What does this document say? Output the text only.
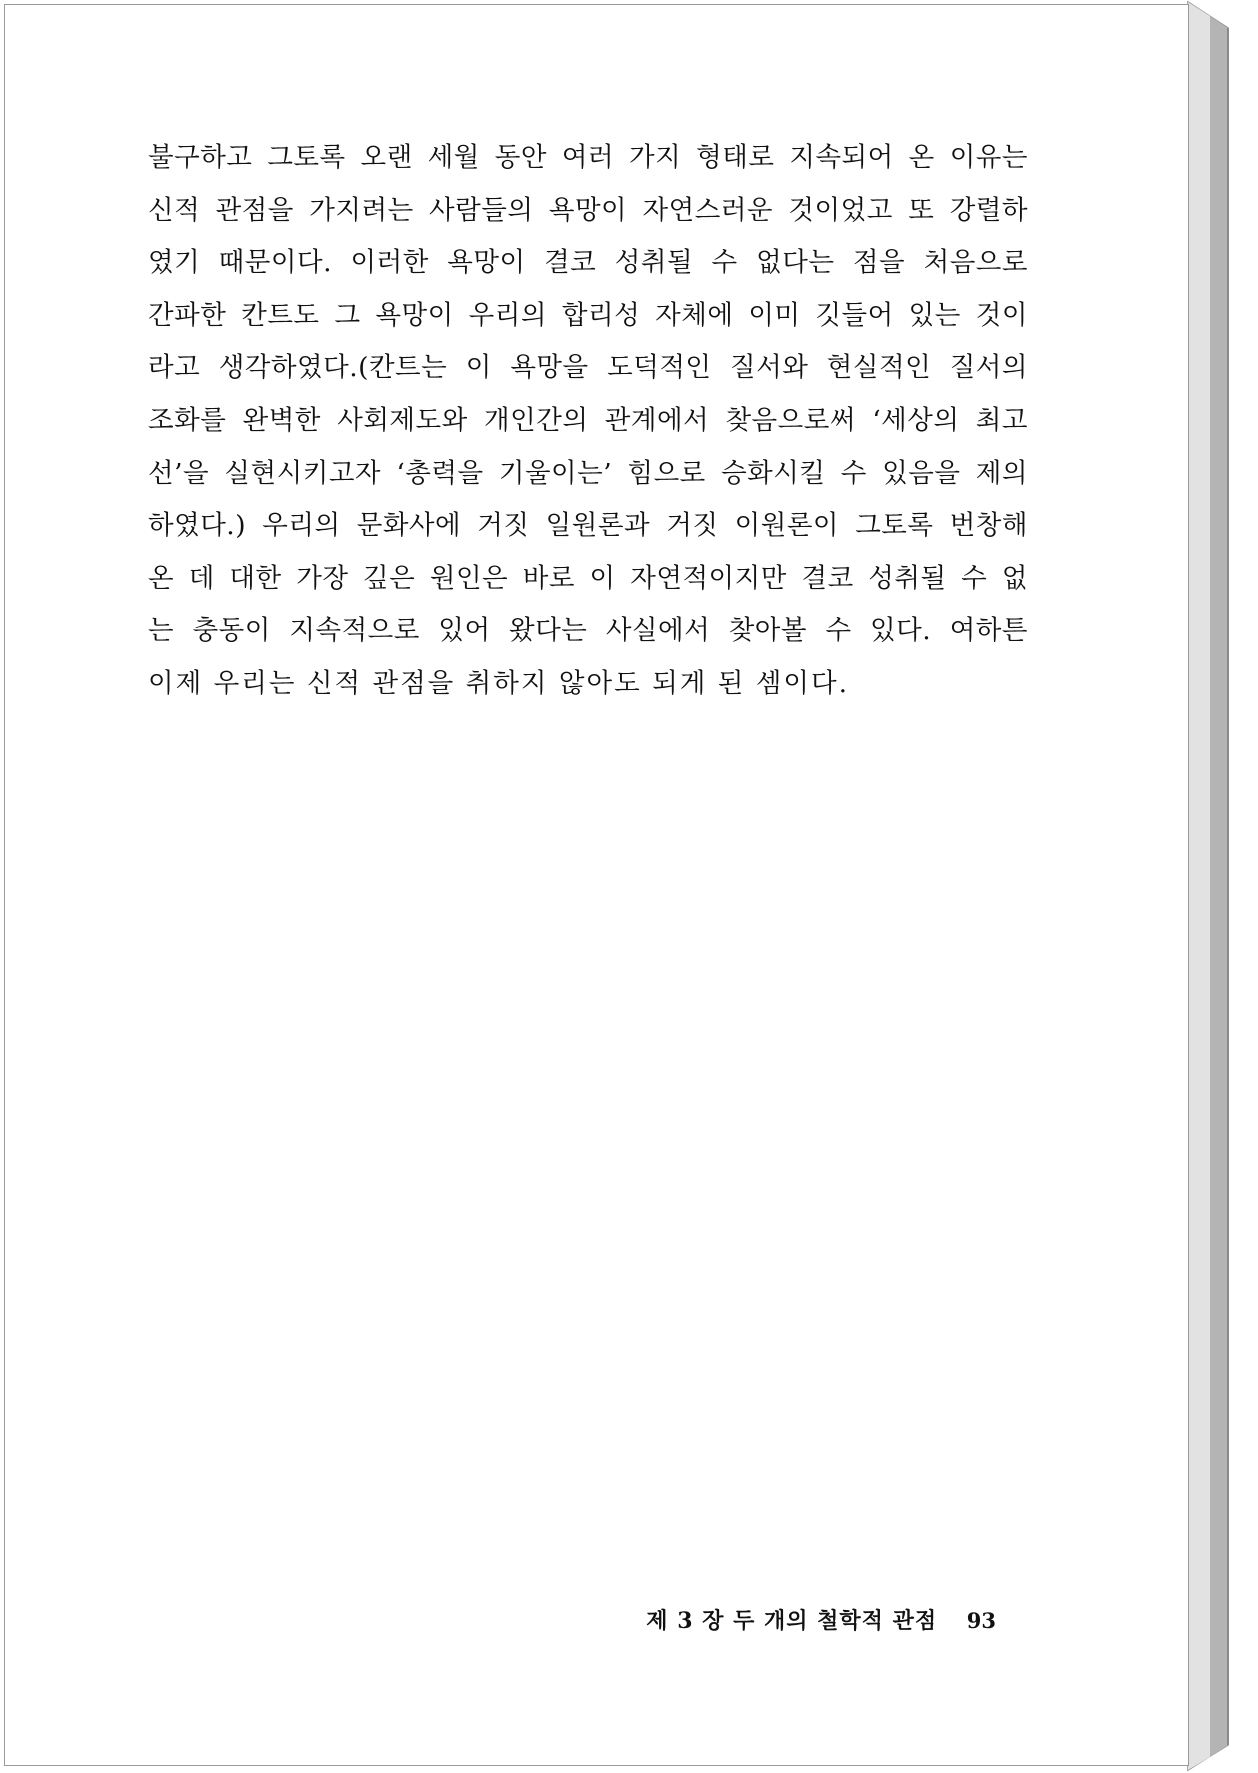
불구하고 그토록 오랜 세월 동안 여러 가지 형태로 지속되어 온 이유는
신적 관점을 가지려는 사람들의 욕망이 자연스러운 것이었고 또 강렬하
였기 때문이다. 이러한 욕망이 결코 성취될 수 없다는 점을 처음으로
간파한 칸트도 그 욕망이 우리의 합리성 자체에 이미 깃들어 있는 것이
라고 생각하였다.(칸트는 이 욕망을 도덕적인 질서와 현실적인 질서의
조화를 완벽한 사회제도와 개인간의 관계에서 찾음으로써 ‘세상의 최고
선’을 실현시키고자 ‘총력을 기울이는’ 힘으로 승화시킬 수 있음을 제의
하였다.) 우리의 문화사에 거짓 일원론과 거짓 이원론이 그토록 번창해
온 데 대한 가장 깊은 원인은 바로 이 자연적이지만 결코 성취될 수 없
는 충동이 지속적으로 있어 왔다는 사실에서 찾아볼 수 있다. 여하튼
이제 우리는 신적 관점을 취하지 않아도 되게 된 셈이다.
제 3 장 두 개의 철학적 관점 93
